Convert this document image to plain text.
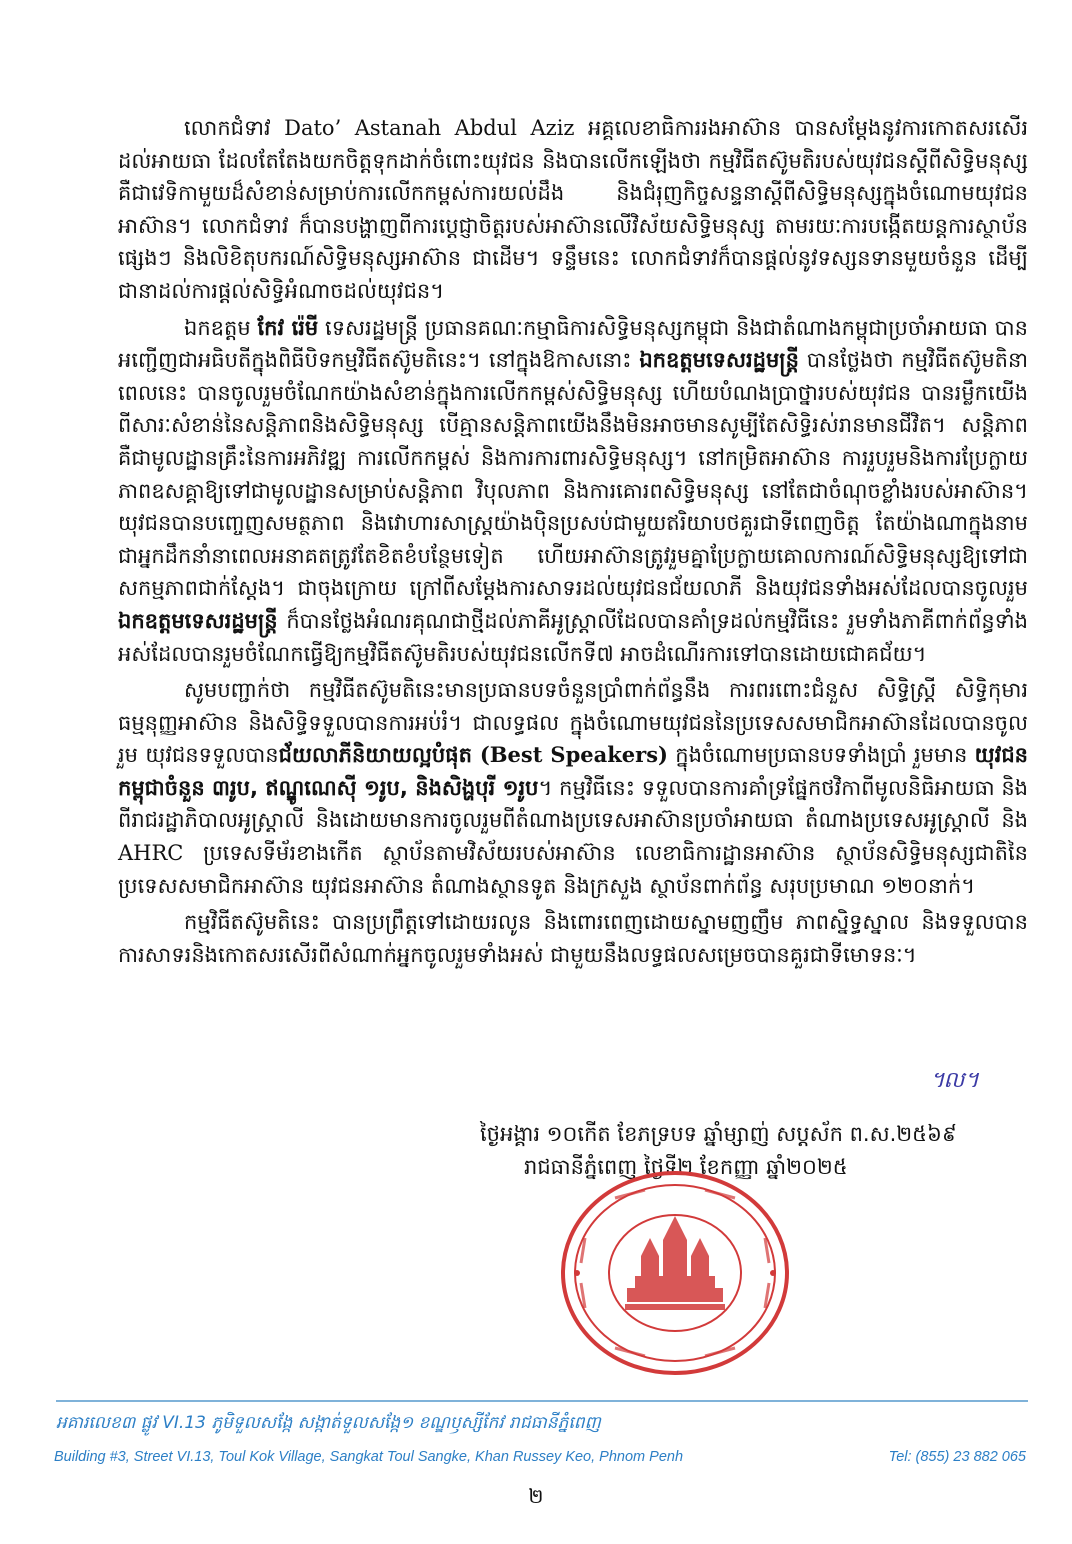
លោកជំទាវ Dato’ Astanah Abdul Aziz អគ្គលេខាធិការរងអាស៊ាន បានសម្ដែងនូវការកោតសរសើរដល់អាយធា ដែលតែតែងយកចិត្តទុកដាក់ចំពោះយុវជន និងបានលើកឡើងថា កម្មវិធីតស៊ូមតិរបស់យុវជនស្ដីពីសិទ្ធិមនុស្ស គឺជាវេទិកាមួយដ៏សំខាន់សម្រាប់ការលើកកម្ពស់ការយល់ដឹង និងជំរុញកិច្ចសន្ទនាស្ដីពីសិទ្ធិមនុស្សក្នុងចំណោមយុវជនអាស៊ាន។ លោកជំទាវ ក៏បានបង្ហាញពីការប្ដេជ្ញាចិត្តរបស់អាស៊ានលើវិស័យសិទ្ធិមនុស្ស តាមរយៈការបង្កើតយន្តការស្ថាប័នផ្សេងៗ និងលិខិតុបករណ៍សិទ្ធិមនុស្សអាស៊ាន ជាដើម។ ទន្ទឹមនេះ លោកជំទាវក៏បានផ្ដល់នូវទស្សនទានមួយចំនួន ដើម្បីជានាដល់ការផ្ដល់សិទ្ធិអំណាចដល់យុវជន។

ឯកឧត្តម កែវ រ៉េមី ទេសរដ្ឋមន្ត្រី ប្រធានគណៈកម្មាធិការសិទ្ធិមនុស្សកម្ពុជា និងជាតំណាងកម្ពុជាប្រចាំអាយធា បានអញ្ជើញជាអធិបតីក្នុងពិធីបិទកម្មវិធីតស៊ូមតិនេះ។ នៅក្នុងឱកាសនោះ ឯកឧត្តមទេសរដ្ឋមន្ត្រី បានថ្លែងថា កម្មវិធីតស៊ូមតិនាពេលនេះ បានចូលរួមចំណែកយ៉ាងសំខាន់ក្នុងការលើកកម្ពស់សិទ្ធិមនុស្ស ហើយបំណងប្រាថ្នារបស់យុវជន បានរម្លឹកយើងពីសារៈសំខាន់នៃសន្តិភាពនិងសិទ្ធិមនុស្ស បើគ្មានសន្តិភាពយើងនឹងមិនអាចមានសូម្បីតែសិទ្ធិរស់រានមានជីវិត។ សន្តិភាព គឺជាមូលដ្ឋានគ្រឹះនៃការអភិវឌ្ឍ ការលើកកម្ពស់ និងការការពារសិទ្ធិមនុស្ស។ នៅកម្រិតអាស៊ាន ការរួបរួមនិងការប្រែក្លាយភាពឧសគ្គាឱ្យទៅជាមូលដ្ឋានសម្រាប់សន្តិភាព វិបុលភាព និងការគោរពសិទ្ធិមនុស្ស នៅតែជាចំណុចខ្លាំងរបស់អាស៊ាន។ យុវជនបានបញ្ចេញសមត្ថភាព និងវោហារសាស្ត្រយ៉ាងប៉ិនប្រសប់ជាមួយឥរិយាបថគួរជាទីពេញចិត្ត តែយ៉ាងណាក្នុងនាមជាអ្នកដឹកនាំនាពេលអនាគតត្រូវតែខិតខំបន្ថែមទៀត ហើយអាស៊ានត្រូវរួមគ្នាប្រែក្លាយគោលការណ៍សិទ្ធិមនុស្សឱ្យទៅជាសកម្មភាពជាក់ស្ដែង។ ជាចុងក្រោយ ក្រៅពីសម្ដែងការសាទរដល់យុវជនជ័យលាភី និងយុវជនទាំងអស់ដែលបានចូលរួម ឯកឧត្តមទេសរដ្ឋមន្ត្រី ក៏បានថ្លែងអំណរគុណជាថ្មីដល់ភាគីអូស្ត្រាលីដែលបានគាំទ្រដល់កម្មវិធីនេះ រួមទាំងភាគីពាក់ព័ន្ធទាំងអស់ដែលបានរួមចំណែកធ្វើឱ្យកម្មវិធីតស៊ូមតិរបស់យុវជនលើកទី៧ អាចដំណើរការទៅបានដោយជោគជ័យ។

សូមបញ្ជាក់ថា កម្មវិធីតស៊ូមតិនេះមានប្រធានបទចំនួនប្រាំពាក់ព័ន្ធនឹង ការពរពោះជំនួស សិទ្ធិស្ត្រី សិទ្ធិកុមារ ធម្មនុញ្ញអាស៊ាន និងសិទ្ធិទទួលបានការអប់រំ។ ជាលទ្ធផល ក្នុងចំណោមយុវជននៃប្រទេសសមាជិកអាស៊ានដែលបានចូលរួម យុវជនទទួលបានជ័យលាភីនិយាយល្អបំផុត (Best Speakers) ក្នុងចំណោមប្រធានបទទាំងប្រាំ រួមមាន យុវជនកម្ពុជាចំនួន ៣រូប, ឥណ្ឌូណេស៊ី ១រូប, និងសិង្ហបុរី ១រូប។ កម្មវិធីនេះ ទទួលបានការគាំទ្រផ្នែកថវិកាពីមូលនិធិអាយធា និងពីរាជរដ្ឋាភិបាលអូស្ត្រាលី និងដោយមានការចូលរួមពីតំណាងប្រទេសអាស៊ានប្រចាំអាយធា តំណាងប្រទេសអូស្ត្រាលី និង AHRC ប្រទេសទីម័រខាងកើត ស្ថាប័នតាមវិស័យរបស់អាស៊ាន លេខាធិការដ្ឋានអាស៊ាន ស្ថាប័នសិទ្ធិមនុស្សជាតិនៃប្រទេសសមាជិកអាស៊ាន យុវជនអាស៊ាន តំណាងស្ថានទូត និងក្រសួង ស្ថាប័នពាក់ព័ន្ធ សរុបប្រមាណ ១២០នាក់។

កម្មវិធីតស៊ូមតិនេះ បានប្រព្រឹត្តទៅដោយរលូន និងពោរពេញដោយស្នាមញញឹម ភាពស្និទ្ធស្នាល និងទទួលបានការសាទរនិងកោតសរសើរពីសំណាក់អ្នកចូលរួមទាំងអស់ ជាមួយនឹងលទ្ធផលសម្រេចបានគួរជាទីមោទនៈ។

៘
ថ្ងៃអង្គារ ១០កើត ខែភទ្របទ ឆ្នាំម្សាញ់ សប្តស័ក ព.ស.២៥៦៩
រាជធានីភ្នំពេញ ថ្ងៃទី២ ខែកញ្ញា ឆ្នាំ២០២៥
អគារលេខ៣ ផ្លូវ VI.13 ភូមិទួលសង្កែ សង្កាត់ទួលសង្កែ១ ខណ្ឌឫស្សីកែវ រាជធានីភ្នំពេញ
Building #3, Street VI.13, Toul Kok Village, Sangkat Toul Sangke, Khan Russey Keo, Phnom Penh	Tel: (855) 23 882 065
២
